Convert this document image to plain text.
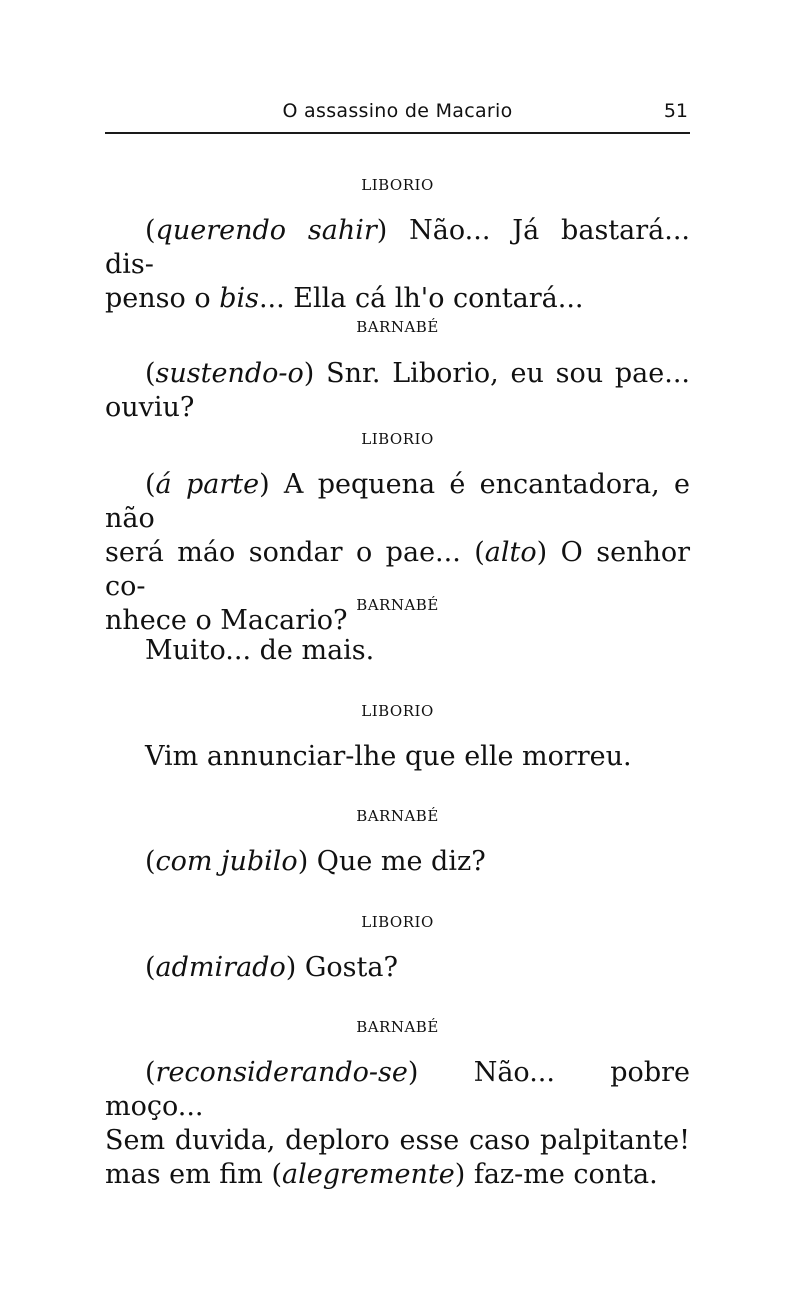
O assassino de Macario	51
LIBORIO
(querendo sahir) Não... Já bastará... dis-
penso o bis... Ella cá lh'o contará...
BARNABÉ
(sustendo-o) Snr. Liborio, eu sou pae...
ouviu?
LIBORIO
(á parte) A pequena é encantadora, e não
será máo sondar o pae... (alto) O senhor co-
nhece o Macario? BARNABÉ
Muito... de mais.
LIBORIO
Vim annunciar-lhe que elle morreu.
BARNABÉ
(com jubilo) Que me diz?
LIBORIO
(admirado) Gosta?
BARNABÉ
(reconsiderando-se) Não... pobre moço...
Sem duvida, deploro esse caso palpitante!
mas em fim (alegremente) faz-me conta.
